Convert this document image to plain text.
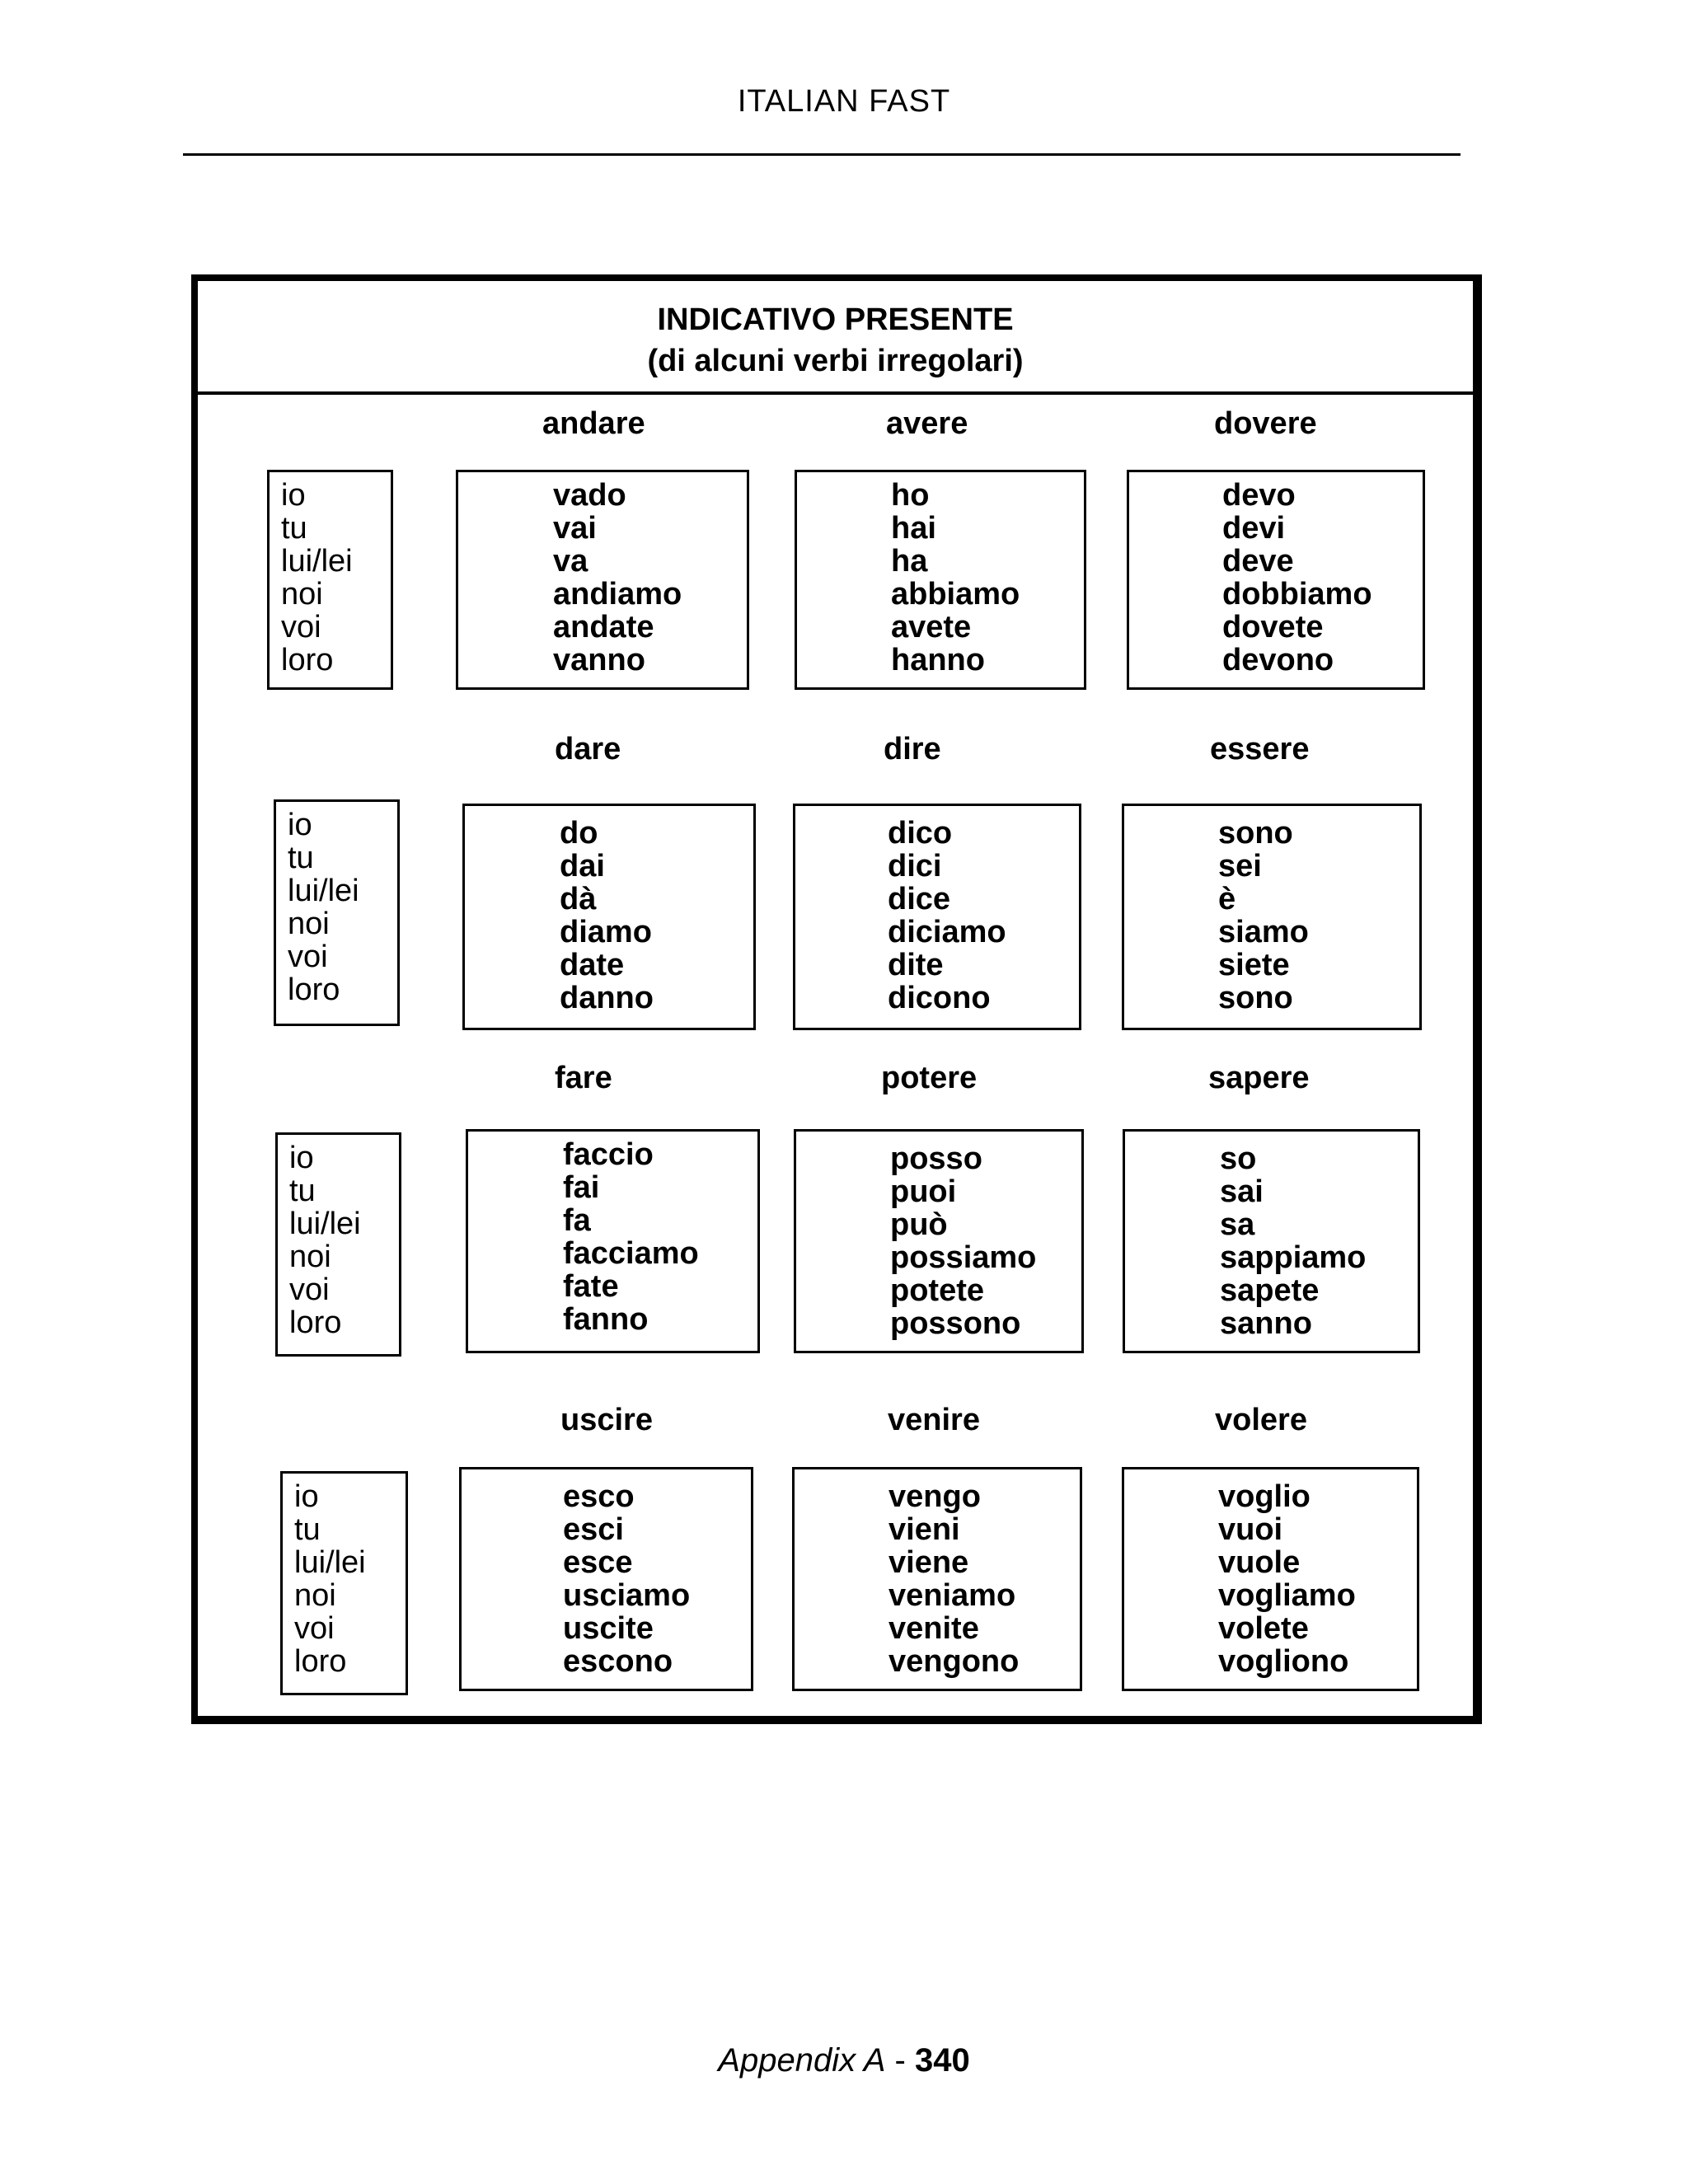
ITALIAN FAST
INDICATIVO PRESENTE
(di alcuni verbi irregolari)
io
tu
lui/lei
noi
voi
loro
andare
vado
vai
va
andiamo
andate
vanno
avere
ho
hai
ha
abbiamo
avete
hanno
dovere
devo
devi
deve
dobbiamo
dovete
devono
io
tu
lui/lei
noi
voi
loro
dare
do
dai
dà
diamo
date
danno
dire
dico
dici
dice
diciamo
dite
dicono
essere
sono
sei
è
siamo
siete
sono
io
tu
lui/lei
noi
voi
loro
fare
faccio
fai
fa
facciamo
fate
fanno
potere
posso
puoi
può
possiamo
potete
possono
sapere
so
sai
sa
sappiamo
sapete
sanno
io
tu
lui/lei
noi
voi
loro
uscire
esco
esci
esce
usciamo
uscite
escono
venire
vengo
vieni
viene
veniamo
venite
vengono
volere
voglio
vuoi
vuole
vogliamo
volete
vogliono
Appendix A - 340
